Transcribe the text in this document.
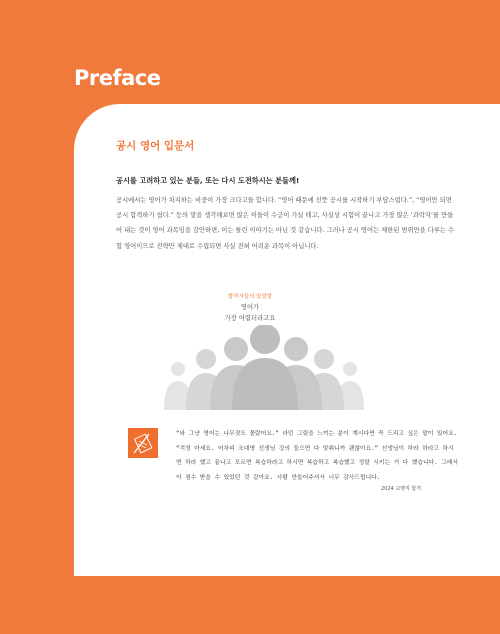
Preface
공시 영어 입문서

공시를 고려하고 있는 분들, 또는 다시 도전하시는 분들께!

공시에서는 영어가 차지하는 비중이 가장 크다고들 합니다. “영어 때문에 선뜻 공시를 시작하기 부담스럽다.”, “영어만 되면 공시 합격하기 쉽다.” 등의 말을 생각해보면 많은 이들이 수긍이 가실 테고, 사실상 시험이 끝나고 가장 많은 ‘과락자’를 만들어 내는 것이 영어 과목임을 감안하면, 이는 틀린 이야기는 아닌 것 같습니다. 그러나 공시 영어는 제한된 범위만을 다루는 수험 영어이므로 전략만 제대로 수립되면 사실 전혀 어려운 과목이 아닙니다.

합격자들의 말말말

영어가
가장 어렵더라고요

“와 그냥 영어는 나무젓도 몰랐어요.” 라던 그림을 느끼는 분이 계시다면 꼭 드리고 싶은 말이 있어요. “걱정 마세요. 어차피 조대명 선생님 강의 들으면 다 맞춰니까 괜찮아요.” 선생님이 하라 하라고 하시면 하라 했고 끝나고 모르면 복습하라고 하시면 복습하고 복습했고 정말 시키는 거 다 했습니다. 그래서 이 점수 받을 수 있었던 것 같아요. 사람 만들어주셔서 너무 감사드립니다.

2024 교행직 합격
